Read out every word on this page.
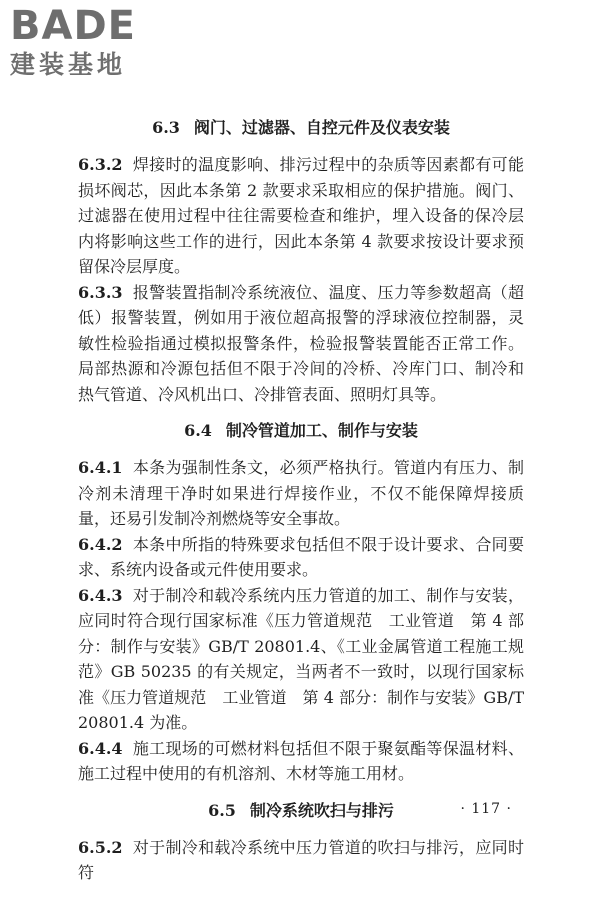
BADE
建装基地

6.3 阀门、过滤器、自控元件及仪表安装

6.3.2 焊接时的温度影响、排污过程中的杂质等因素都有可能损坏阀芯，因此本条第 2 款要求采取相应的保护措施。阀门、过滤器在使用过程中往往需要检查和维护，埋入设备的保冷层内将影响这些工作的进行，因此本条第 4 款要求按设计要求预留保冷层厚度。

6.3.3 报警装置指制冷系统液位、温度、压力等参数超高（超低）报警装置，例如用于液位超高报警的浮球液位控制器，灵敏性检验指通过模拟报警条件，检验报警装置能否正常工作。局部热源和冷源包括但不限于冷间的冷桥、冷库门口、制冷和热气管道、冷风机出口、冷排管表面、照明灯具等。

6.4 制冷管道加工、制作与安装

6.4.1 本条为强制性条文，必须严格执行。管道内有压力、制冷剂未清理干净时如果进行焊接作业，不仅不能保障焊接质量，还易引发制冷剂燃烧等安全事故。

6.4.2 本条中所指的特殊要求包括但不限于设计要求、合同要求、系统内设备或元件使用要求。

6.4.3 对于制冷和载冷系统内压力管道的加工、制作与安装，应同时符合现行国家标准《压力管道规范　工业管道　第 4 部分：制作与安装》GB/T 20801.4、《工业金属管道工程施工规范》GB 50235 的有关规定，当两者不一致时，以现行国家标准《压力管道规范　工业管道　第 4 部分：制作与安装》GB/T 20801.4 为准。

6.4.4 施工现场的可燃材料包括但不限于聚氨酯等保温材料、施工过程中使用的有机溶剂、木材等施工用材。

6.5 制冷系统吹扫与排污

6.5.2 对于制冷和载冷系统中压力管道的吹扫与排污，应同时符

· 117 ·
